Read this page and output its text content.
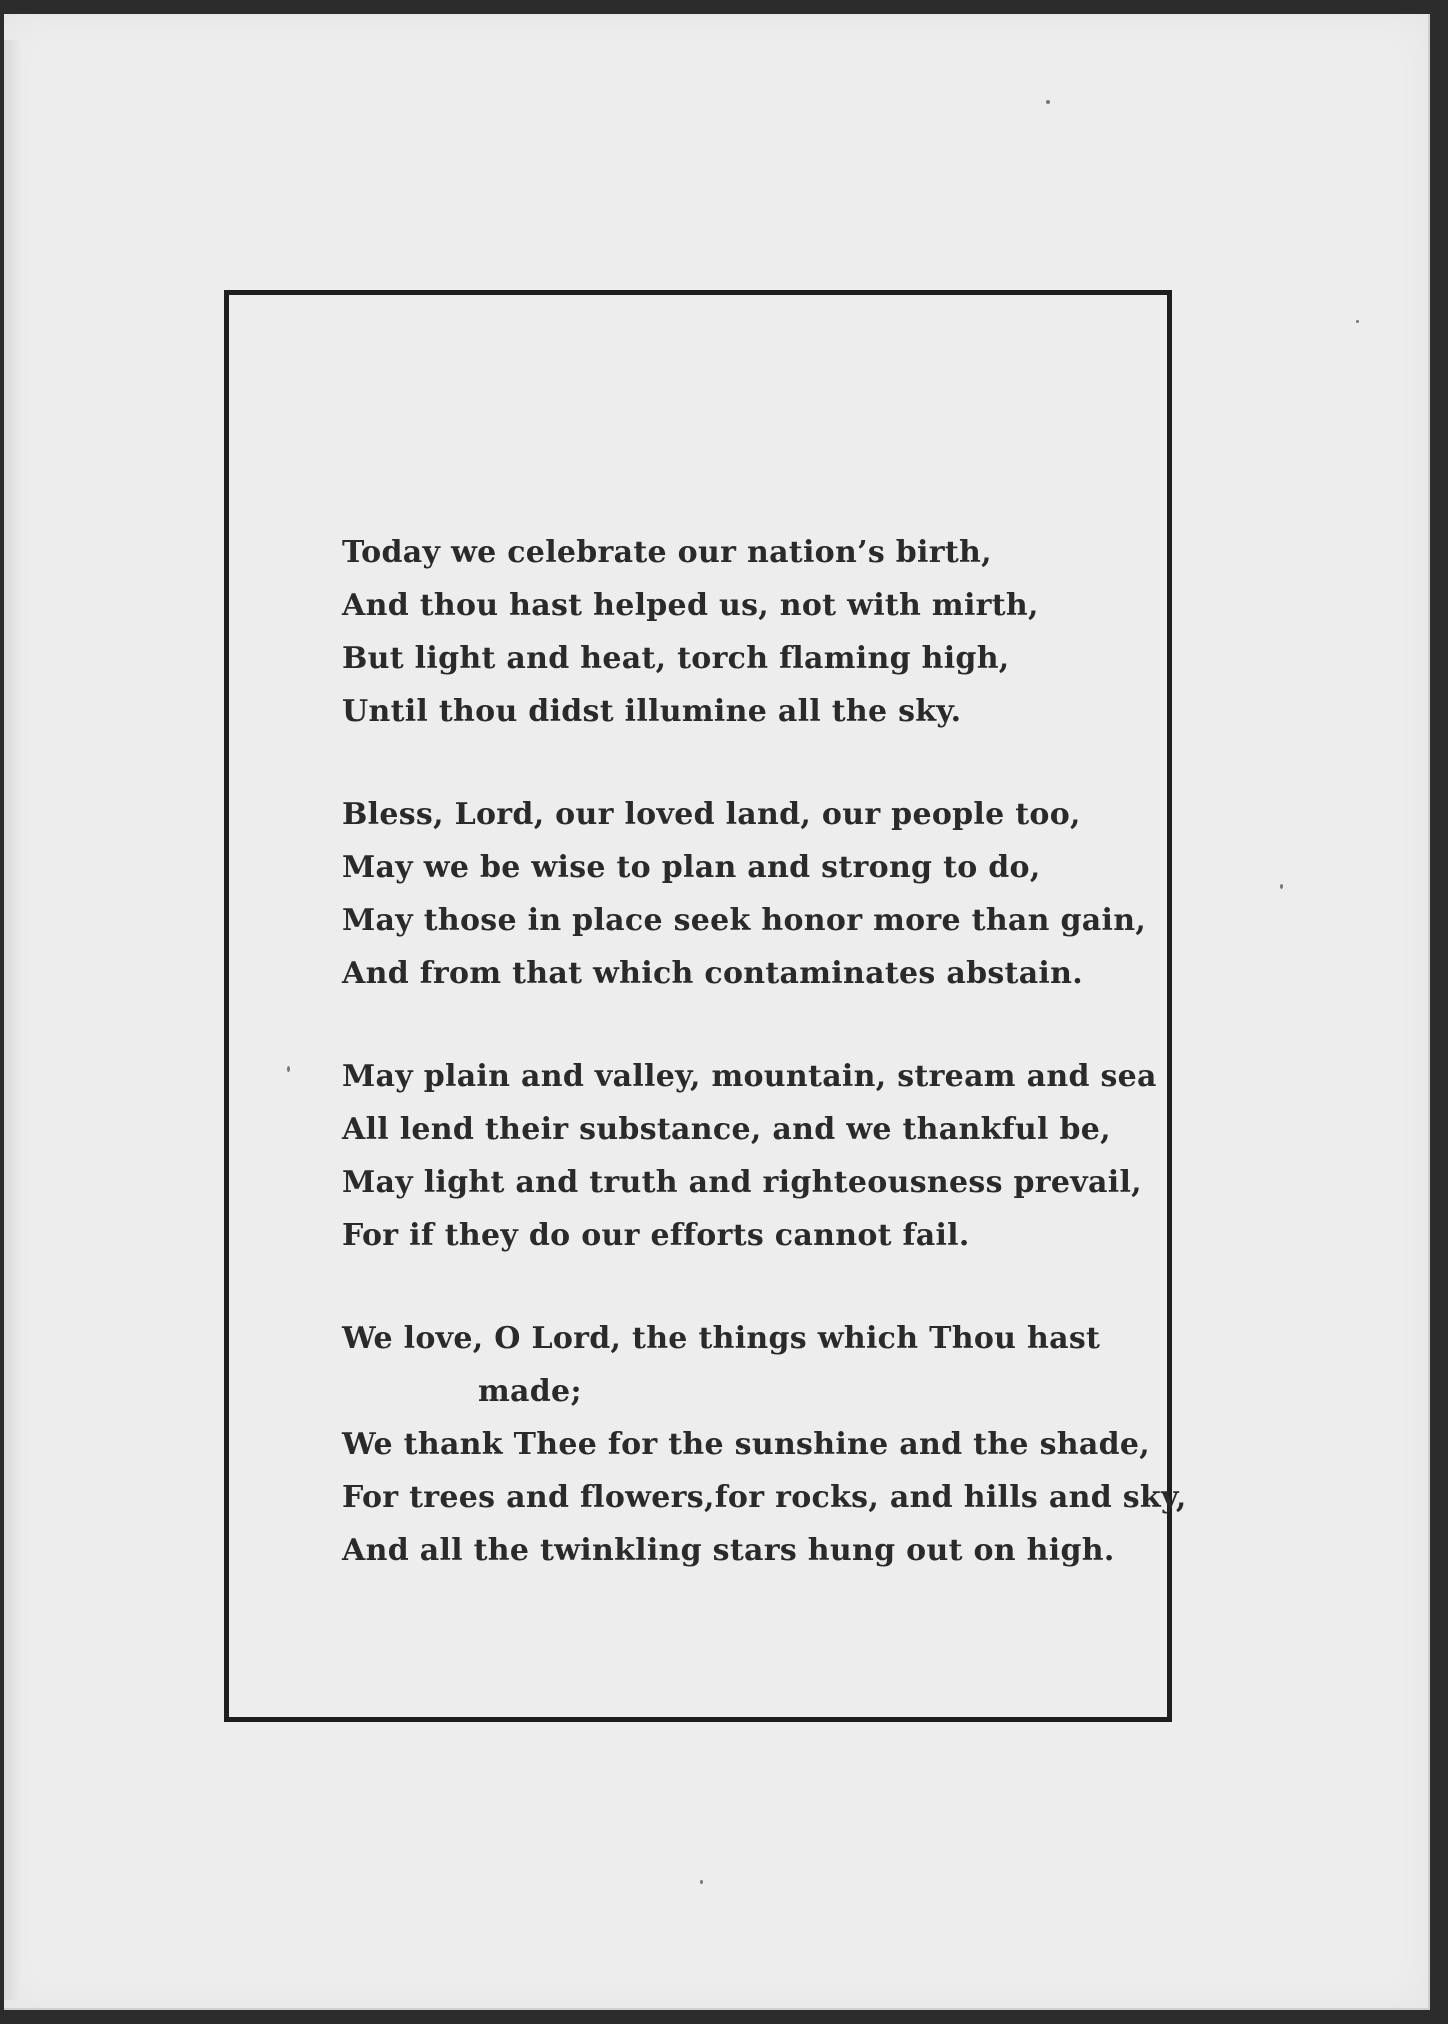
Today we celebrate our nation’s birth,
And thou hast helped us, not with mirth,
But light and heat, torch flaming high,
Until thou didst illumine all the sky.
Bless, Lord, our loved land, our people too,
May we be wise to plan and strong to do,
May those in place seek honor more than gain,
And from that which contaminates abstain.
May plain and valley, mountain, stream and sea
All lend their substance, and we thankful be,
May light and truth and righteousness prevail,
For if they do our efforts cannot fail.
We love, O Lord, the things which Thou hast
made;
We thank Thee for the sunshine and the shade,
For trees and flowers,for rocks, and hills and sky,
And all the twinkling stars hung out on high.
